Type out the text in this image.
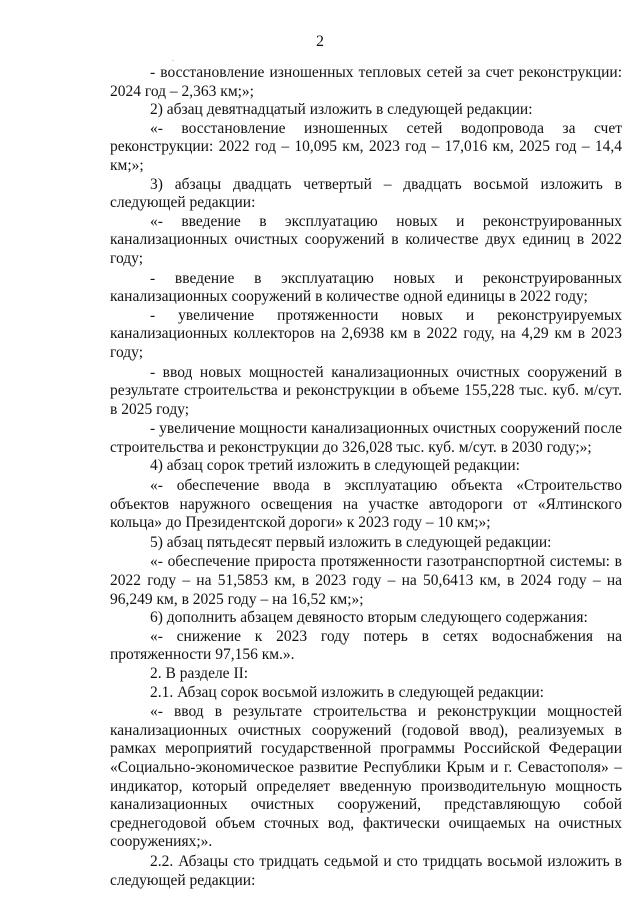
2
.

- восстановление изношенных тепловых сетей за счет реконструкции: 2024 год – 2,363 км;»;

2) абзац девятнадцатый изложить в следующей редакции:

«- восстановление изношенных сетей водопровода за счет реконструкции: 2022 год – 10,095 км, 2023 год – 17,016 км, 2025 год – 14,4 км;»;

3) абзацы двадцать четвертый – двадцать восьмой изложить в следующей редакции:

«- введение в эксплуатацию новых и реконструированных канализационных очистных сооружений в количестве двух единиц в 2022 году;

- введение в эксплуатацию новых и реконструированных канализационных сооружений в количестве одной единицы в 2022 году;

- увеличение протяженности новых и реконструируемых канализационных коллекторов на 2,6938 км в 2022 году, на 4,29 км в 2023 году;

- ввод новых мощностей канализационных очистных сооружений в результате строительства и реконструкции в объеме 155,228 тыс. куб. м/сут. в 2025 году;

- увеличение мощности канализационных очистных сооружений после строительства и реконструкции до 326,028 тыс. куб. м/сут. в 2030 году;»;

4) абзац сорок третий изложить в следующей редакции:

«- обеспечение ввода в эксплуатацию объекта «Строительство объектов наружного освещения на участке автодороги от «Ялтинского кольца» до Президентской дороги» к 2023 году – 10 км;»;

5) абзац пятьдесят первый изложить в следующей редакции:

«- обеспечение прироста протяженности газотранспортной системы: в 2022 году – на 51,5853 км, в 2023 году – на 50,6413 км, в 2024 году – на 96,249 км, в 2025 году – на 16,52 км;»;

6) дополнить абзацем девяносто вторым следующего содержания:

«- снижение к 2023 году потерь в сетях водоснабжения на протяженности 97,156 км.».

2. В разделе II:

2.1. Абзац сорок восьмой изложить в следующей редакции:

«- ввод в результате строительства и реконструкции мощностей канализационных очистных сооружений (годовой ввод), реализуемых в рамках мероприятий государственной программы Российской Федерации «Социально-экономическое развитие Республики Крым и г. Севастополя» – индикатор, который определяет введенную производительную мощность канализационных очистных сооружений, представляющую собой среднегодовой объем сточных вод, фактически очищаемых на очистных сооружениях;».

2.2. Абзацы сто тридцать седьмой и сто тридцать восьмой изложить в следующей редакции:
